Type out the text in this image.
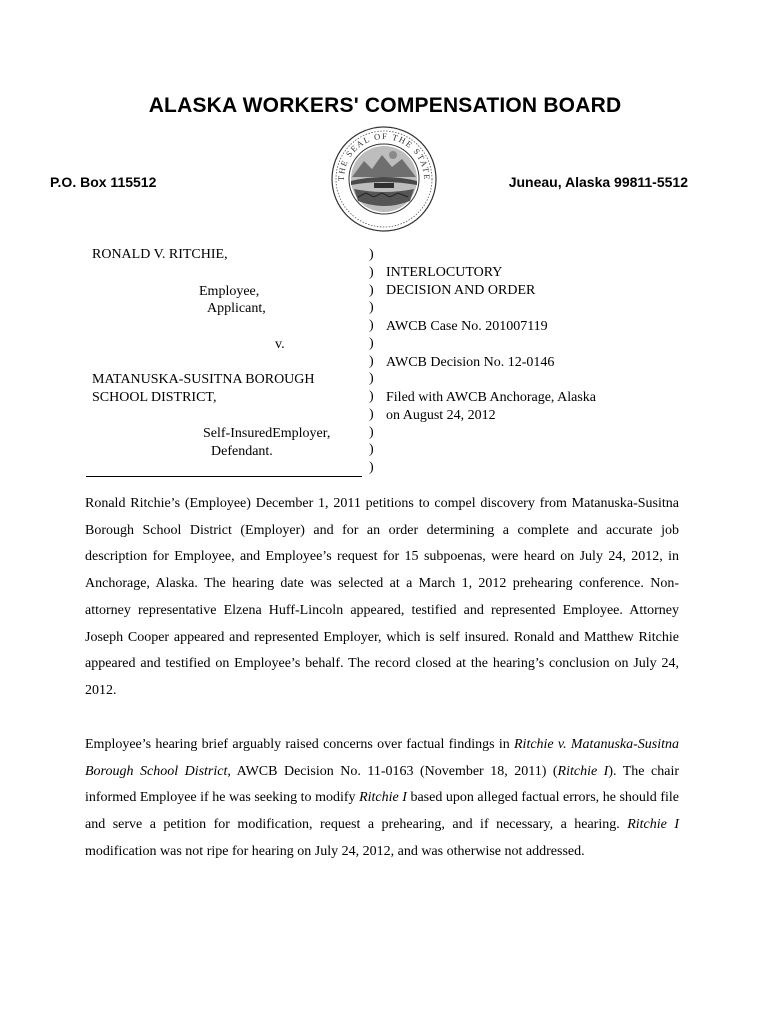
ALASKA WORKERS' COMPENSATION BOARD
P.O. Box 115512	Juneau, Alaska 99811-5512
THE SEAL OF THE STATE
RONALD V. RITCHIE,
Employee,
Applicant,
v.
MATANUSKA-SUSITNA BOROUGH
SCHOOL DISTRICT,
Self-InsuredEmployer,
Defendant.
)
)
)
)
)
)
)
)
)
)
)
)
)
INTERLOCUTORY
DECISION AND ORDER
AWCB Case No. 201007119
AWCB Decision No. 12-0146
Filed with AWCB Anchorage, Alaska
on August 24, 2012
Ronald Ritchie’s (Employee) December 1, 2011 petitions to compel discovery from Matanuska-Susitna Borough School District (Employer) and for an order determining a complete and accurate job description for Employee, and Employee’s request for 15 subpoenas, were heard on July 24, 2012, in Anchorage, Alaska. The hearing date was selected at a March 1, 2012 prehearing conference. Non-attorney representative Elzena Huff-Lincoln appeared, testified and represented Employee. Attorney Joseph Cooper appeared and represented Employer, which is self insured. Ronald and Matthew Ritchie appeared and testified on Employee’s behalf. The record closed at the hearing’s conclusion on July 24, 2012.
Employee’s hearing brief arguably raised concerns over factual findings in Ritchie v. Matanuska-Susitna Borough School District, AWCB Decision No. 11-0163 (November 18, 2011) (Ritchie I). The chair informed Employee if he was seeking to modify Ritchie I based upon alleged factual errors, he should file and serve a petition for modification, request a prehearing, and if necessary, a hearing. Ritchie I modification was not ripe for hearing on July 24, 2012, and was otherwise not addressed.
